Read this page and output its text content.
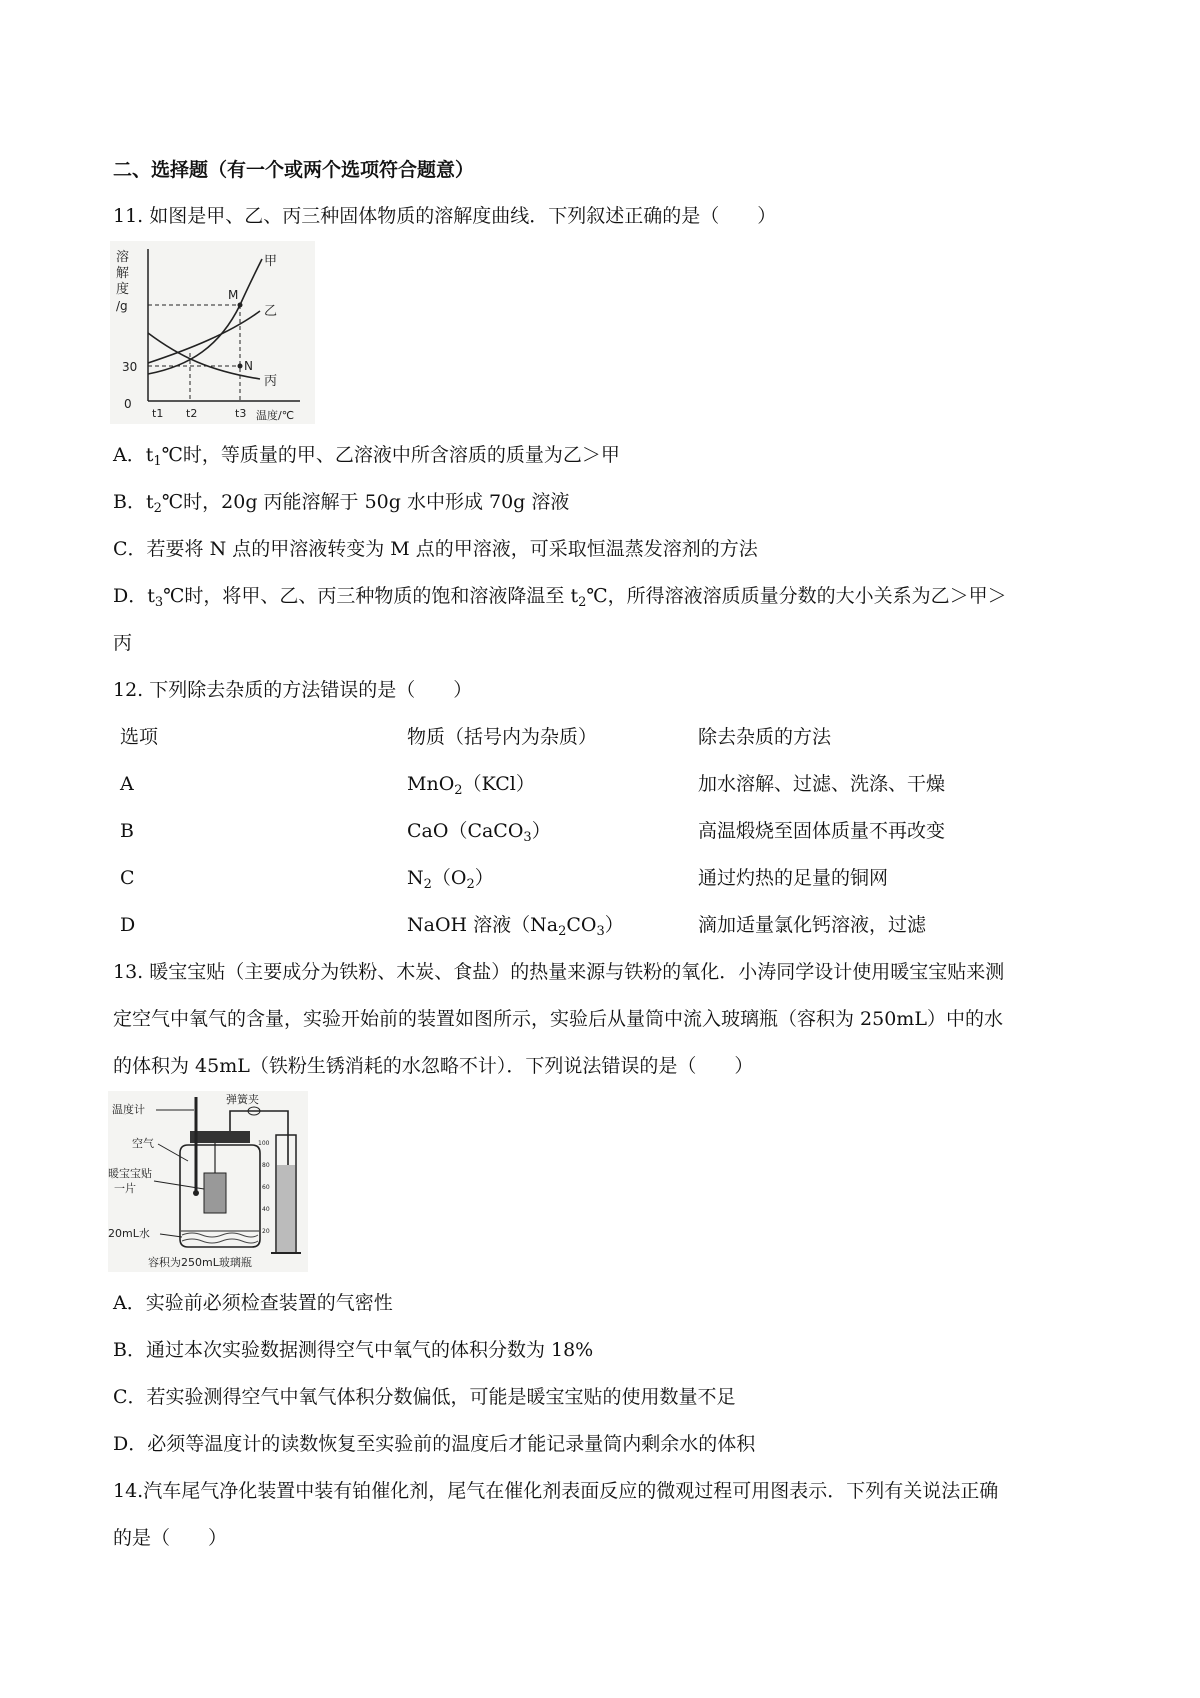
二、选择题（有一个或两个选项符合题意）
11. 如图是甲、乙、丙三种固体物质的溶解度曲线．下列叙述正确的是（　　）
溶
解
度
/g
30
0
M
N
甲
乙
丙
t1 t2	t3 温度/℃
A．$t_1℃$时，等质量的甲、乙溶液中所含溶质的质量为乙＞甲
B．$t_2℃$时，20g 丙能溶解于 50g 水中形成 70g 溶液
C．若要将 N 点的甲溶液转变为 M 点的甲溶液，可采取恒温蒸发溶剂的方法
D．$t_3℃$时，将甲、乙、丙三种物质的饱和溶液降温至 $t_2℃$，所得溶液溶质质量分数的大小关系为乙＞甲＞
丙
12. 下列除去杂质的方法错误的是（　　）
选项	物质（括号内为杂质）	除去杂质的方法
A	MnO$_2$（KCl）	加水溶解、过滤、洗涤、干燥
B	CaO（CaCO$_3$）	高温煅烧至固体质量不再改变
C	$N_2(O_2)$	通过灼热的足量的铜网
D	NaOH 溶液$(Na_2CO_3)$	滴加适量氯化钙溶液，过滤
13. 暖宝宝贴（主要成分为铁粉、木炭、食盐）的热量来源与铁粉的氧化．小涛同学设计使用暖宝宝贴来测
定空气中氧气的含量，实验开始前的装置如图所示，实验后从量筒中流入玻璃瓶（容积为 250mL）中的水
的体积为 45mL（铁粉生锈消耗的水忽略不计）．下列说法错误的是（　　）
100
80
60
40
20
温度计
空气
暖宝宝贴
一片
20mL水
弹簧夹
容积为250mL玻璃瓶
A．实验前必须检查装置的气密性
B．通过本次实验数据测得空气中氧气的体积分数为 18%
C．若实验测得空气中氧气体积分数偏低，可能是暖宝宝贴的使用数量不足
D．必须等温度计的读数恢复至实验前的温度后才能记录量筒内剩余水的体积
14.汽车尾气净化装置中装有铂催化剂，尾气在催化剂表面反应的微观过程可用图表示．下列有关说法正确
的是（　　）
